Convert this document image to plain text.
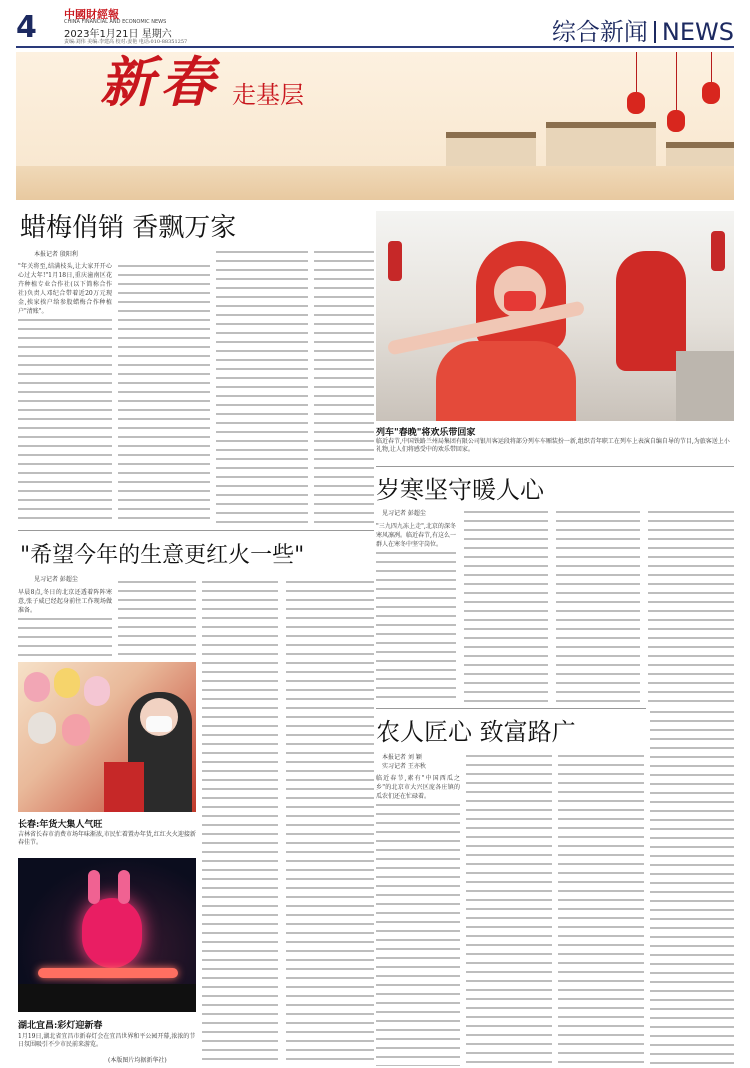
4 中國財經報
CHINA FINANCIAL AND ECONOMIC NEWS
2023年1月21日 星期六
责编:刘伟 美编:李建高 校对:姜艳 电话:010-88351257	综合新闻 NEWS
新春 走基层
蜡梅俏销 香飘万家
本报记者 殷阳利
"年关将至,结满枝头,让大家开开心心过大年!"1月18日,重庆潼南区花卉种植专业合作社(以下简称合作社)负责人邓纪合带着近20万元现金,挨家挨户给参股蜡梅合作种植户"清账"。
列车"春晚"将欢乐带回家
临近春节,中国铁路兰州局集团有限公司银川客运段将部分列车车厢装扮一新,组织青年职工在列车上表演自编自导的节目,为旅客送上小礼物,让人们将感受中的欢乐带回家。
"希望今年的生意更红火一些"
见习记者 彭超尘
早晨8点,冬日的北京还透着阵阵寒意,张子威已经起身前往工作现场做准备。
长春:年货大集人气旺
吉林省长春市消费市场年味渐浓,市民忙着置办年货,红红火火迎接新春佳节。
湖北宜昌:彩灯迎新春
1月19日,湖北省宜昌市新春灯会在宜昌世界和平公园开幕,浓浓的节日氛围吸引不少市民前来游览。
(本版图片均据新华社)
岁寒坚守暖人心
见习记者 彭超尘
"三九四九冻上走",北京的深冬寒风凛冽。临近春节,有这么一群人在寒冬中坚守岗位。
农人匠心 致富路广
本报记者 刘 颖
实习记者 王亦秋
临近春节,素有"中国西瓜之乡"的北京市大兴区庞各庄镇的瓜农们还在忙碌着。
